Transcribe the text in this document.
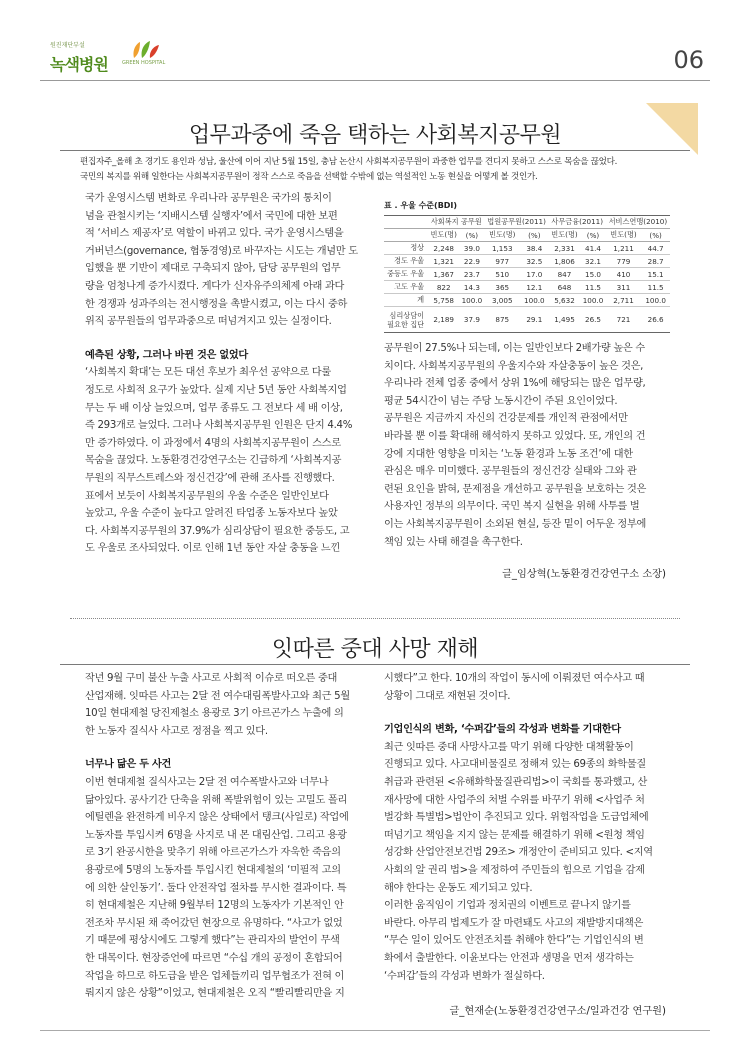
원진재단부설
녹색병원	GREEN HOSPITAL	06
업무과중에 죽음 택하는 사회복지공무원

편집자주_올해 초 경기도 용인과 성남, 울산에 이어 지난 5월 15일, 충남 논산시 사회복지공무원이 과중한 업무를 견디지 못하고 스스로 목숨을 끊었다.

국민의 복지를 위해 일한다는 사회복지공무원이 정작 스스로 죽음을 선택할 수밖에 없는 역설적인 노동 현실을 어떻게 볼 것인가.

국가 운영시스템 변화로 우리나라 공무원은 국가의 통치이

념을 관철시키는 ‘지배시스템 실행자’에서 국민에 대한 보편

적 ‘서비스 제공자’로 역할이 바뀌고 있다. 국가 운영시스템을

거버넌스(governance, 협동경영)로 바꾸자는 시도는 개념만 도

입했을 뿐 기반이 제대로 구축되지 않아, 담당 공무원의 업무

량을 엄청나게 증가시켰다. 게다가 신자유주의체제 아래 과다

한 경쟁과 성과주의는 전시행정을 촉발시켰고, 이는 다시 중하

위직 공무원들의 업무과중으로 떠넘겨지고 있는 실정이다.

예측된 상황, 그러나 바뀐 것은 없었다

‘사회복지 확대’는 모든 대선 후보가 최우선 공약으로 다룰

정도로 사회적 요구가 높았다. 실제 지난 5년 동안 사회복지업

무는 두 배 이상 늘었으며, 업무 종류도 그 전보다 세 배 이상,

즉 293개로 늘었다. 그러나 사회복지공무원 인원은 단지 4.4%

만 증가하였다. 이 과정에서 4명의 사회복지공무원이 스스로

목숨을 끊었다. 노동환경건강연구소는 긴급하게 ‘사회복지공

무원의 직무스트레스와 정신건강’에 관해 조사를 진행했다.

표에서 보듯이 사회복지공무원의 우울 수준은 일반인보다

높았고, 우울 수준이 높다고 알려진 타업종 노동자보다 높았

다. 사회복지공무원의 37.9%가 심리상담이 필요한 중등도, 고

도 우울로 조사되었다. 이로 인해 1년 동안 자살 충동을 느낀

표 . 우울 수준(BDI)
	사회복지 공무원		법원공무원(2011)		사무금융(2011)		서비스연맹(2010)	
	빈도(명)	(%)	빈도(명)	(%)	빈도(명)	(%)	빈도(명)	(%)
정상	2,248	39.0	1,153	38.4	2,331	41.4	1,211	44.7
경도 우울	1,321	22.9	977	32.5	1,806	32.1	779	28.7
중등도 우울	1,367	23.7	510	17.0	847	15.0	410	15.1
고도 우울	822	14.3	365	12.1	648	11.5	311	11.5
계	5,758	100.0	3,005	100.0	5,632	100.0	2,711	100.0

심리상담이
필요한 집단	2,189	37.9	875	29.1	1,495	26.5	721	26.6

공무원이 27.5%나 되는데, 이는 일반인보다 2배가량 높은 수

치이다. 사회복지공무원의 우울지수와 자살충동이 높은 것은,

우리나라 전체 업종 중에서 상위 1%에 해당되는 많은 업무량,

평균 54시간이 넘는 주당 노동시간이 주된 요인이었다.

공무원은 지금까지 자신의 건강문제를 개인적 관점에서만

바라볼 뿐 이를 확대해 해석하지 못하고 있었다. 또, 개인의 건

강에 지대한 영향을 미치는 ‘노동 환경과 노동 조건’에 대한

관심은 매우 미미했다. 공무원들의 정신건강 실태와 그와 관

련된 요인을 밝혀, 문제점을 개선하고 공무원을 보호하는 것은

사용자인 정부의 의무이다. 국민 복지 실현을 위해 사투를 벌

이는 사회복지공무원이 소외된 현실, 등잔 밑이 어두운 정부에

책임 있는 사태 해결을 촉구한다.

글_임상혁(노동환경건강연구소 소장)
잇따른 중대 사망 재해

작년 9월 구미 불산 누출 사고로 사회적 이슈로 떠오른 중대

산업재해. 잇따른 사고는 2달 전 여수대림폭발사고와 최근 5월

10일 현대제철 당진제철소 용광로 3기 아르곤가스 누출에 의

한 노동자 질식사 사고로 정점을 찍고 있다.

너무나 닮은 두 사건

이번 현대제철 질식사고는 2달 전 여수폭발사고와 너무나

닮아있다. 공사기간 단축을 위해 폭발위험이 있는 고밀도 폴리

에틸렌을 완전하게 비우지 않은 상태에서 탱크(사일로) 작업에

노동자를 투입시켜 6명을 사지로 내 몬 대림산업. 그리고 용광

로 3기 완공시한을 맞추기 위해 아르곤가스가 자욱한 죽음의

용광로에 5명의 노동자를 투입시킨 현대제철의 ‘미필적 고의

에 의한 살인동기’. 둘다 안전작업 절차를 무시한 결과이다. 특

히 현대제철은 지난해 9월부터 12명의 노동자가 기본적인 안

전조차 무시된 채 죽어갔던 현장으로 유명하다. “사고가 없었

기 때문에 평상시에도 그렇게 했다”는 관리자의 발언이 무색

한 대목이다. 현장증언에 따르면 “수십 개의 공정이 혼합되어

작업을 하므로 하도급을 받은 업체들끼리 업무협조가 전혀 이

뤄지지 않은 상황”이었고, 현대제철은 오직 “빨리빨리만을 지

시했다”고 한다. 10개의 작업이 동시에 이뤄졌던 여수사고 때

상황이 그대로 재현된 것이다.

기업인식의 변화, ‘수퍼갑’들의 각성과 변화를 기대한다

최근 잇따른 중대 사망사고를 막기 위해 다양한 대책활동이

진행되고 있다. 사고대비물질로 정해져 있는 69종의 화학물질

취급과 관련된 <유해화학물질관리법>이 국회를 통과했고, 산

재사망에 대한 사업주의 처벌 수위를 바꾸기 위해 <사업주 처

벌강화 특별법>법안이 추진되고 있다. 위험작업을 도급업체에

떠넘기고 책임을 지지 않는 문제를 해결하기 위해 <원청 책임

성강화 산업안전보건법 29조> 개정안이 준비되고 있다. <지역

사회의 알 권리 법>을 제정하여 주민들의 힘으로 기업을 감제

해야 한다는 운동도 제기되고 있다.

이러한 움직임이 기업과 정치권의 이벤트로 끝나지 않기를

바란다. 아무리 법제도가 잘 마련돼도 사고의 재발방지대책은

“무슨 일이 있어도 안전조치를 취해야 한다”는 기업인식의 변

화에서 출발한다. 이윤보다는 안전과 생명을 먼저 생각하는

‘수퍼갑’들의 각성과 변화가 절실하다.

글_현재순(노동환경건강연구소/일과건강 연구원)
